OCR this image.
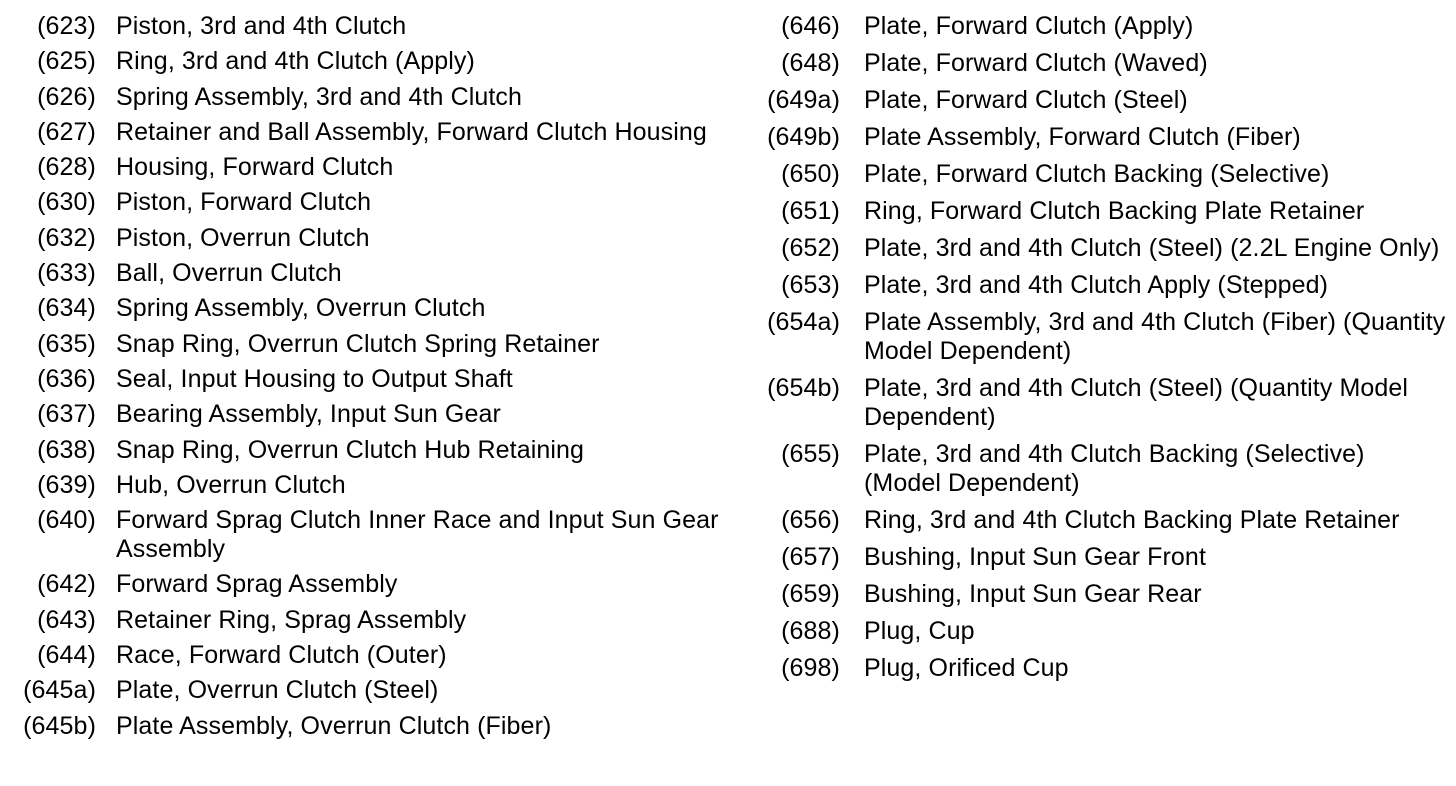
(623) Piston, 3rd and 4th Clutch
(625) Ring, 3rd and 4th Clutch (Apply)
(626) Spring Assembly, 3rd and 4th Clutch
(627) Retainer and Ball Assembly, Forward Clutch Housing
(628) Housing, Forward Clutch
(630) Piston, Forward Clutch
(632) Piston, Overrun Clutch
(633) Ball, Overrun Clutch
(634) Spring Assembly, Overrun Clutch
(635) Snap Ring, Overrun Clutch Spring Retainer
(636) Seal, Input Housing to Output Shaft
(637) Bearing Assembly, Input Sun Gear
(638) Snap Ring, Overrun Clutch Hub Retaining
(639) Hub, Overrun Clutch
(640) Forward Sprag Clutch Inner Race and Input Sun Gear Assembly
(642) Forward Sprag Assembly
(643) Retainer Ring, Sprag Assembly
(644) Race, Forward Clutch (Outer)
(645a) Plate, Overrun Clutch (Steel)
(645b) Plate Assembly, Overrun Clutch (Fiber)
(646) Plate, Forward Clutch (Apply)
(648) Plate, Forward Clutch (Waved)
(649a) Plate, Forward Clutch (Steel)
(649b) Plate Assembly, Forward Clutch (Fiber)
(650) Plate, Forward Clutch Backing (Selective)
(651) Ring, Forward Clutch Backing Plate Retainer
(652) Plate, 3rd and 4th Clutch (Steel) (2.2L Engine Only)
(653) Plate, 3rd and 4th Clutch Apply (Stepped)
(654a) Plate Assembly, 3rd and 4th Clutch (Fiber) (Quantity Model Dependent)
(654b) Plate, 3rd and 4th Clutch (Steel) (Quantity Model Dependent)
(655) Plate, 3rd and 4th Clutch Backing (Selective) (Model Dependent)
(656) Ring, 3rd and 4th Clutch Backing Plate Retainer
(657) Bushing, Input Sun Gear Front
(659) Bushing, Input Sun Gear Rear
(688) Plug, Cup
(698) Plug, Orificed Cup
